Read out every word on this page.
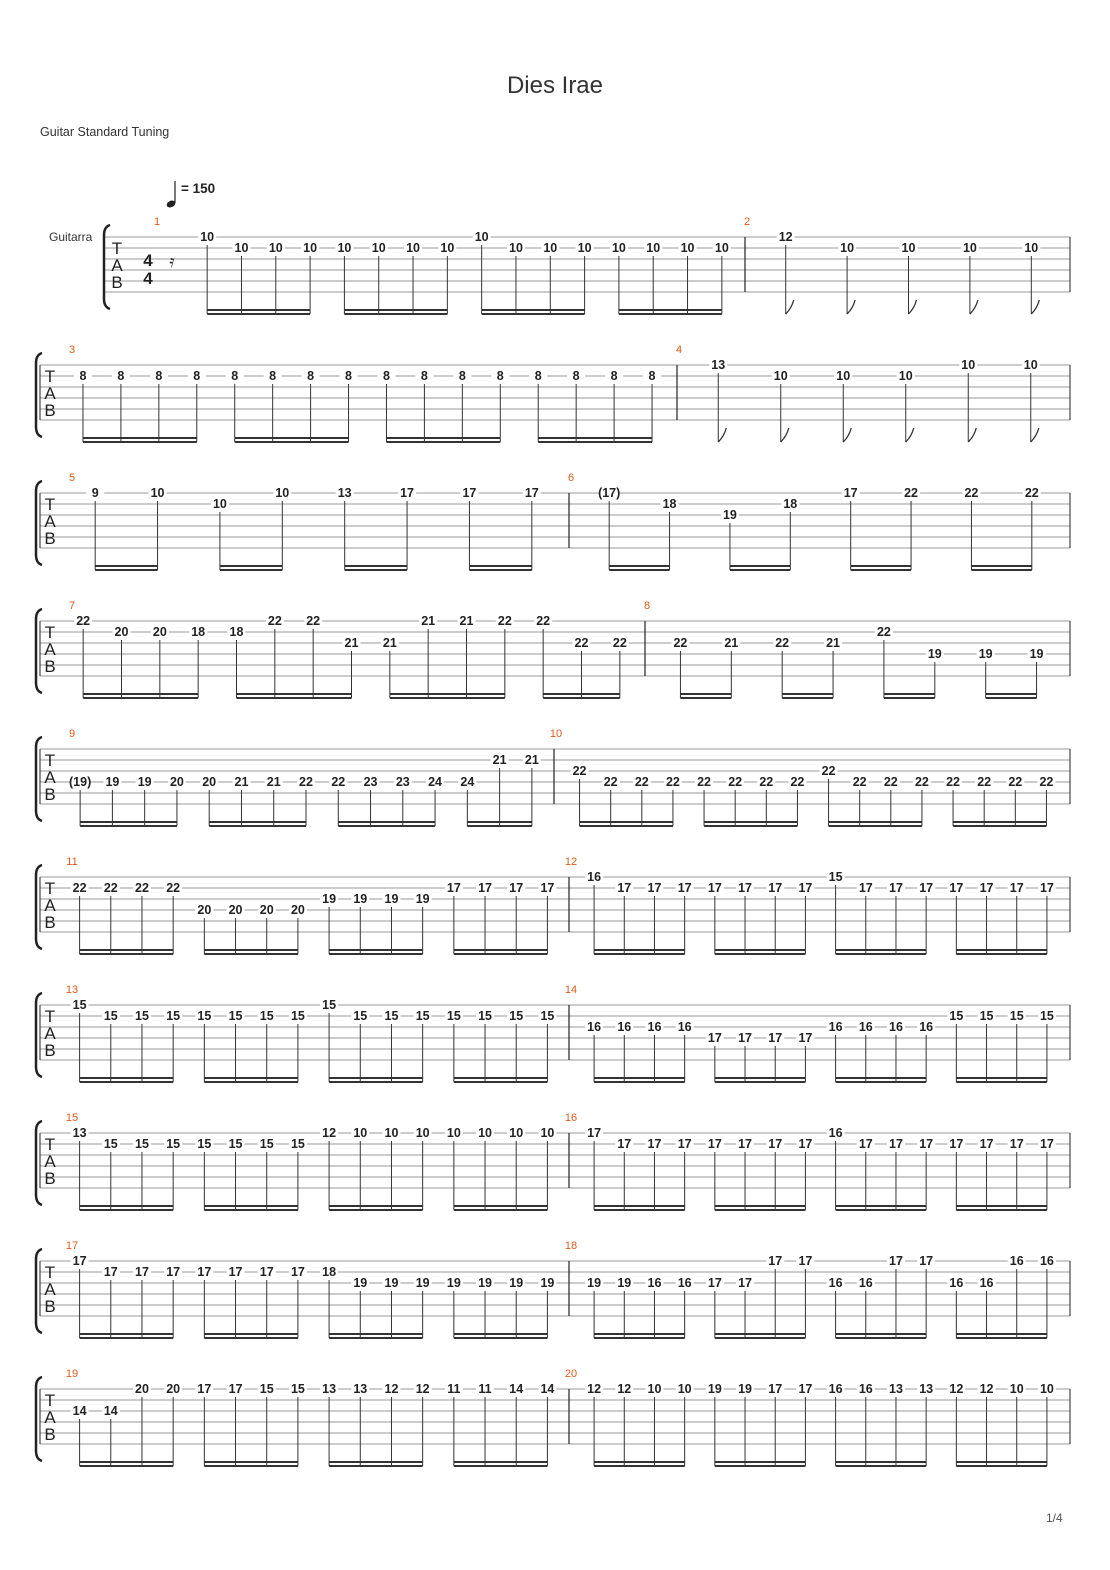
Dies Irae
Guitar Standard Tuning
T
A
B
4
4
Guitarra
= 150
𝄿
1
10
10 10 10 10 10 10 10
10
10 10 10 10 10 10 10
2
12
10	10	10	10
T
A
B
3
8 8 8 8 8 8 8 8 8 8 8 8 8 8 8 8
4
13
10	10	10
10	10
T
A
B
5
9	10
10
10	13	17	17	17
6
(17)
18
19
18
17	22	22	22
T
A
B
7
22
20 20 18 18
22 22
21 21
21 21 22 22
22 22
8
22	21	22	21
22
19	19	19
T
A
B
9
(19) 19 19 20 20 21 21 22 22 23 23 24 24
21 21
10
22
22 22 22 22 22 22 22
22
22 22 22 22 22 22 22
T
A
B
11
22 22 22 22
20 20 20 20
19 19 19 19
17 17 17 17
12
16
17 17 17 17 17 17 17
15
17 17 17 17 17 17 17
T
A
B
13
15
15 15 15 15 15 15 15
15
15 15 15 15 15 15 15
14
16 16 16 16
17 17 17 17
16 16 16 16
15 15 15 15
T
A
B
15
13
15 15 15 15 15 15 15
12 10 10 10 10 10 10 10
16
17
17 17 17 17 17 17 17
16
17 17 17 17 17 17 17
T
A
B
17
17
17 17 17 17 17 17 17 18
19 19 19 19 19 19 19
18
19 19 16 16 17 17
17 17
16 16
17 17
16 16
16 16
T
A
B
19
14 14
20 20 17 17 15 15 13 13 12 12 11 11 14 14
20
12 12 10 10 19 19 17 17 16 16 13 13 12 12 10 10
1/4
